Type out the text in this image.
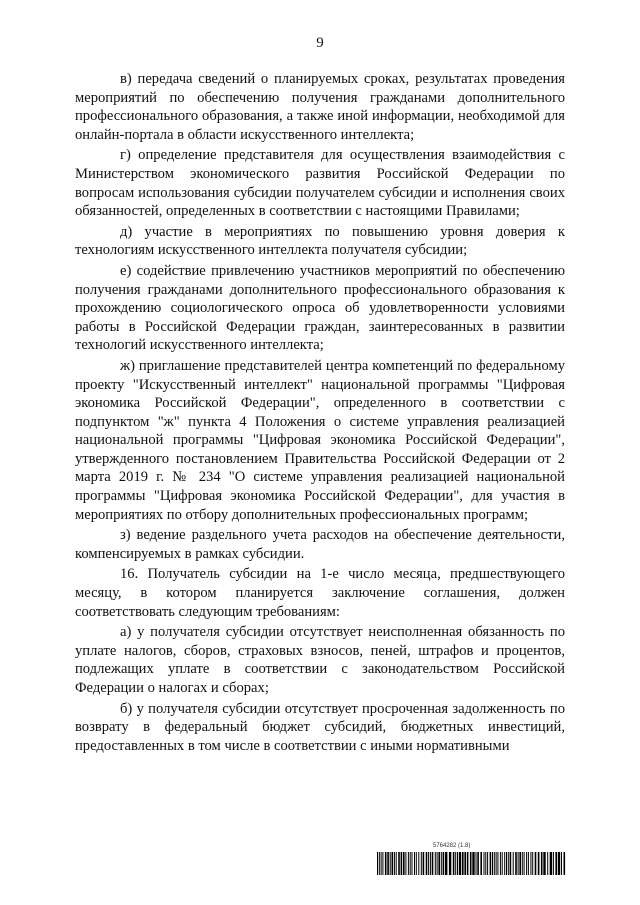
9

в) передача сведений о планируемых сроках, результатах проведения мероприятий по обеспечению получения гражданами дополнительного профессионального образования, а также иной информации, необходимой для онлайн-портала в области искусственного интеллекта;

г) определение представителя для осуществления взаимодействия с Министерством экономического развития Российской Федерации по вопросам использования субсидии получателем субсидии и исполнения своих обязанностей, определенных в соответствии с настоящими Правилами;

д) участие в мероприятиях по повышению уровня доверия к технологиям искусственного интеллекта получателя субсидии;

е) содействие привлечению участников мероприятий по обеспечению получения гражданами дополнительного профессионального образования к прохождению социологического опроса об удовлетворенности условиями работы в Российской Федерации граждан, заинтересованных в развитии технологий искусственного интеллекта;

ж) приглашение представителей центра компетенций по федеральному проекту "Искусственный интеллект" национальной программы "Цифровая экономика Российской Федерации", определенного в соответствии с подпунктом "ж" пункта 4 Положения о системе управления реализацией национальной программы "Цифровая экономика Российской Федерации", утвержденного постановлением Правительства Российской Федерации от 2 марта 2019 г. № 234 "О системе управления реализацией национальной программы "Цифровая экономика Российской Федерации", для участия в мероприятиях по отбору дополнительных профессиональных программ;

з) ведение раздельного учета расходов на обеспечение деятельности, компенсируемых в рамках субсидии.

16. Получатель субсидии на 1-е число месяца, предшествующего месяцу, в котором планируется заключение соглашения, должен соответствовать следующим требованиям:

а) у получателя субсидии отсутствует неисполненная обязанность по уплате налогов, сборов, страховых взносов, пеней, штрафов и процентов, подлежащих уплате в соответствии с законодательством Российской Федерации о налогах и сборах;

б) у получателя субсидии отсутствует просроченная задолженность по возврату в федеральный бюджет субсидий, бюджетных инвестиций, предоставленных в том числе в соответствии с иными нормативными

5764282 (1.8)
